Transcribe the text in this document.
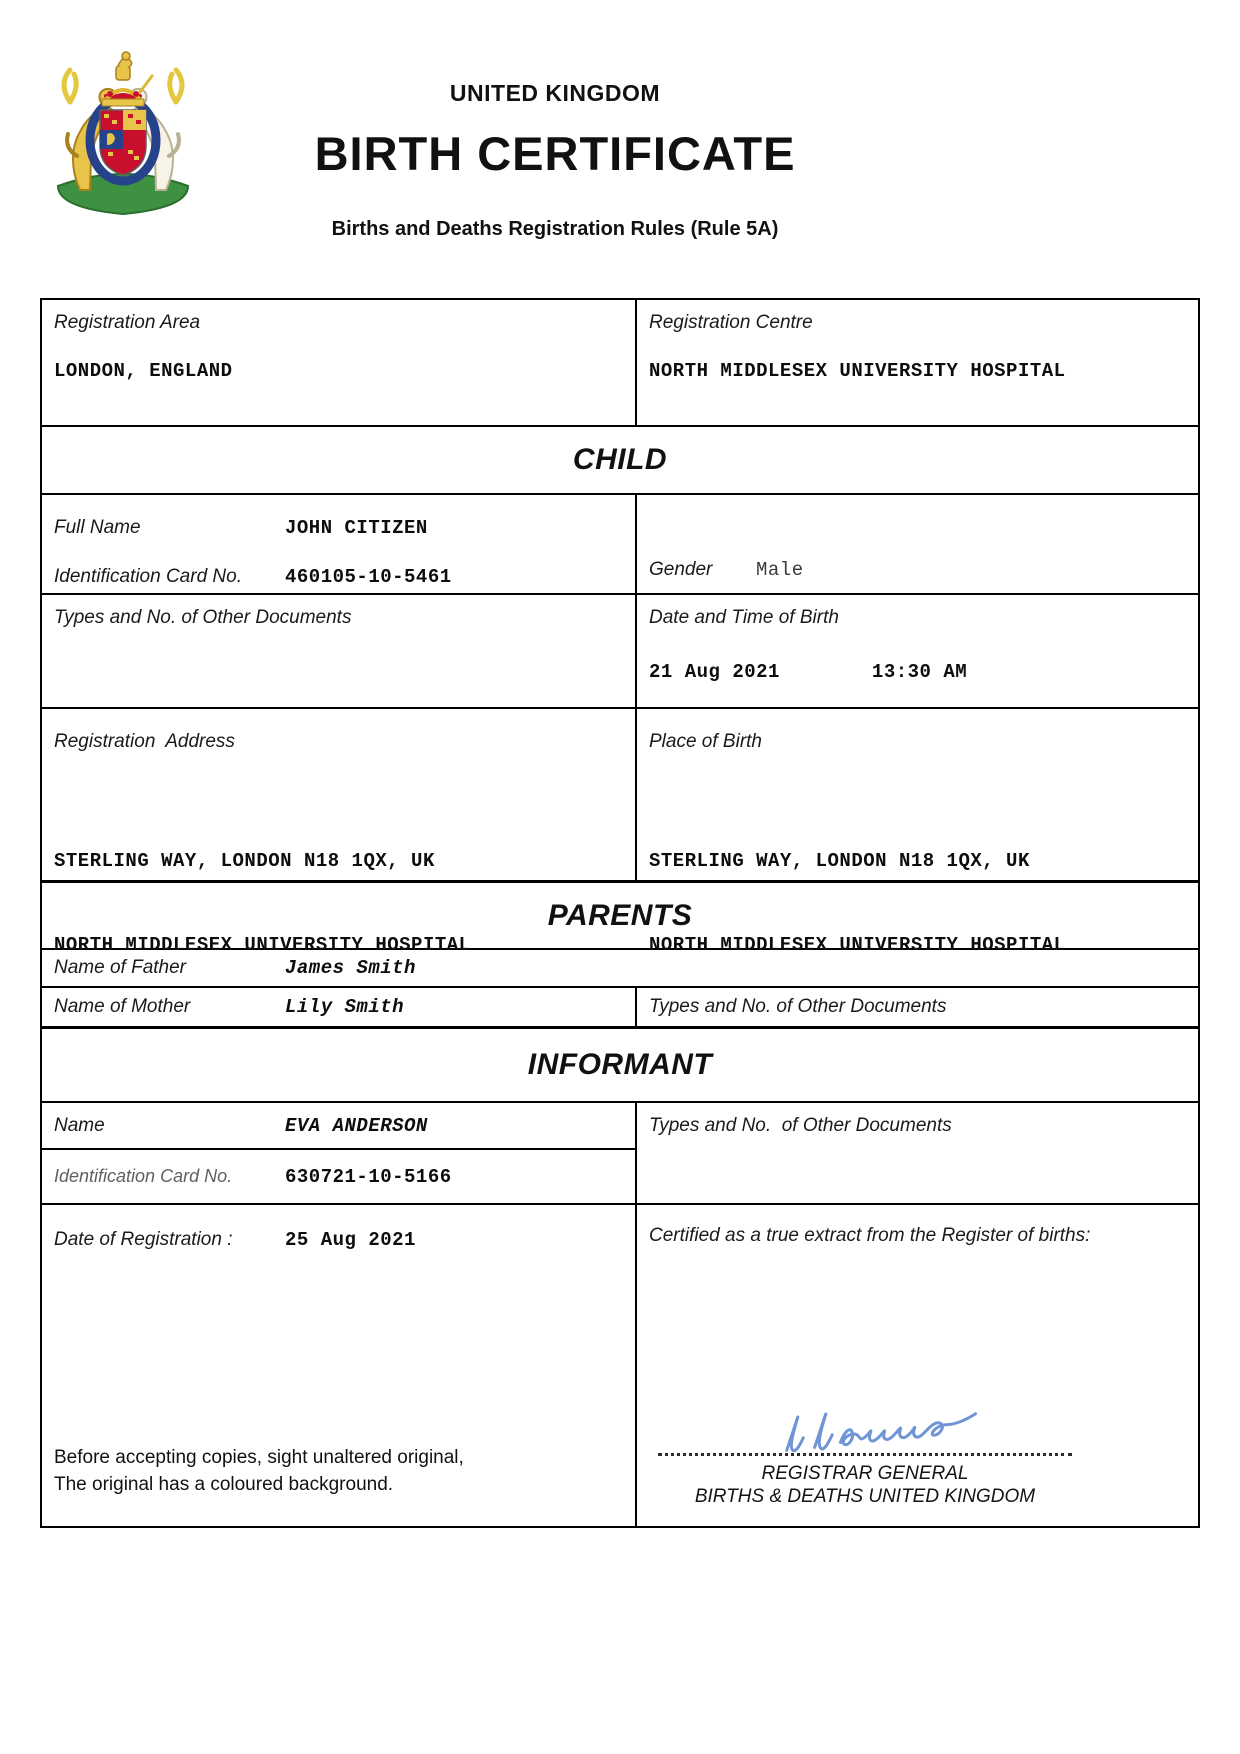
UNITED KINGDOM
BIRTH CERTIFICATE
Births and Deaths Registration Rules (Rule 5A)
Registration Area
LONDON, ENGLAND
Registration Centre
NORTH MIDDLESEX UNIVERSITY HOSPITAL
CHILD
Full Name	JOHN CITIZEN
Identification Card No.	460105-10-5461	Gender	Male
Types and No. of Other Documents	Date and Time of Birth
21 Aug 2021	13:30 AM
Registration  Address

STERLING WAY, LONDON N18 1QX, UK

NORTH MIDDLESEX UNIVERSITY HOSPITAL

Place of Birth

STERLING WAY, LONDON N18 1QX, UK

NORTH MIDDLESEX UNIVERSITY HOSPITAL

PARENTS
Name of Father	James Smith
Name of Mother	Lily Smith	Types and No. of Other Documents
INFORMANT
Name	EVA ANDERSON
Identification Card No.	630721-10-5166
Types and No.  of Other Documents
Date of Registration :	25 Aug 2021
Before accepting copies, sight unaltered original,
The original has a coloured background.
Certified as a true extract from the Register of births:
REGISTRAR GENERAL
BIRTHS & DEATHS UNITED KINGDOM
